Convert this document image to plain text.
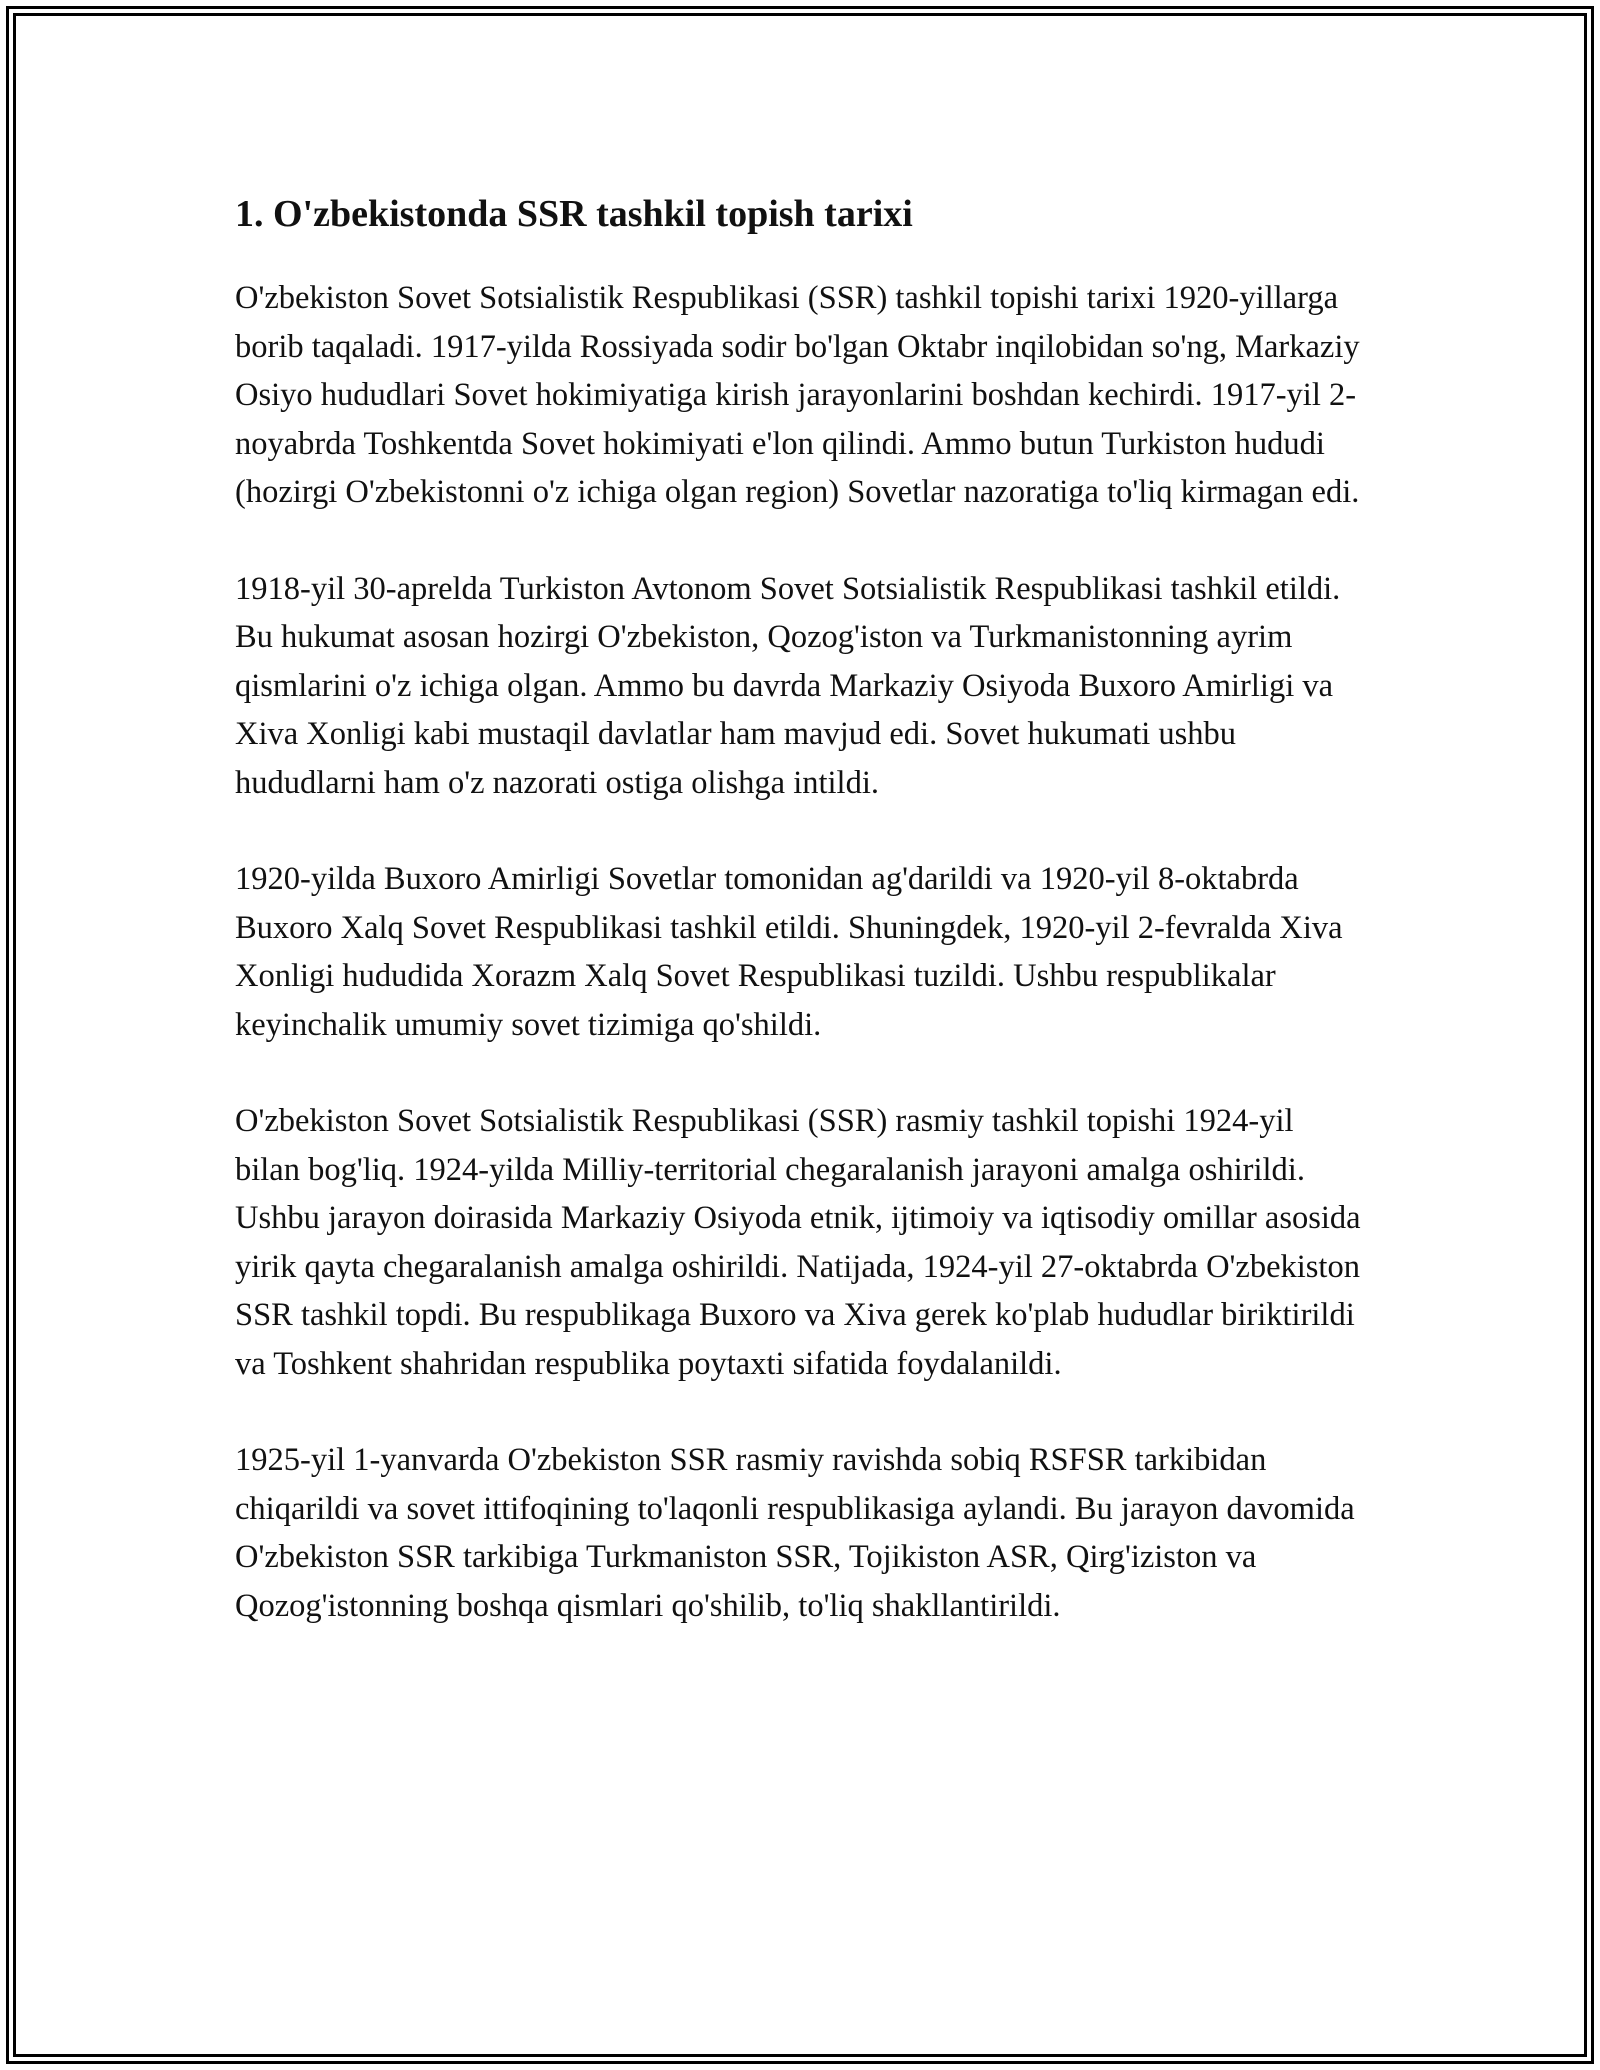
1. O'zbekistonda SSR tashkil topish tarixi

O'zbekiston Sovet Sotsialistik Respublikasi (SSR) tashkil topishi tarixi 1920-yillarga borib taqaladi. 1917-yilda Rossiyada sodir bo'lgan Oktabr inqilobidan so'ng, Markaziy Osiyo hududlari Sovet hokimiyatiga kirish jarayonlarini boshdan kechirdi. 1917-yil 2-noyabrda Toshkentda Sovet hokimiyati e'lon qilindi. Ammo butun Turkiston hududi (hozirgi O'zbekistonni o'z ichiga olgan region) Sovetlar nazoratiga to'liq kirmagan edi.

1918-yil 30-aprelda Turkiston Avtonom Sovet Sotsialistik Respublikasi tashkil etildi. Bu hukumat asosan hozirgi O'zbekiston, Qozog'iston va Turkmanistonning ayrim qismlarini o'z ichiga olgan. Ammo bu davrda Markaziy Osiyoda Buxoro Amirligi va Xiva Xonligi kabi mustaqil davlatlar ham mavjud edi. Sovet hukumati ushbu hududlarni ham o'z nazorati ostiga olishga intildi.

1920-yilda Buxoro Amirligi Sovetlar tomonidan ag'darildi va 1920-yil 8-oktabrda Buxoro Xalq Sovet Respublikasi tashkil etildi. Shuningdek, 1920-yil 2-fevralda Xiva Xonligi hududida Xorazm Xalq Sovet Respublikasi tuzildi. Ushbu respublikalar keyinchalik umumiy sovet tizimiga qo'shildi.

O'zbekiston Sovet Sotsialistik Respublikasi (SSR) rasmiy tashkil topishi 1924-yil bilan bog'liq. 1924-yilda Milliy-territorial chegaralanish jarayoni amalga oshirildi. Ushbu jarayon doirasida Markaziy Osiyoda etnik, ijtimoiy va iqtisodiy omillar asosida yirik qayta chegaralanish amalga oshirildi. Natijada, 1924-yil 27-oktabrda O'zbekiston SSR tashkil topdi. Bu respublikaga Buxoro va Xiva gerek ko'plab hududlar biriktirildi va Toshkent shahridan respublika poytaxti sifatida foydalanildi.

1925-yil 1-yanvarda O'zbekiston SSR rasmiy ravishda sobiq RSFSR tarkibidan chiqarildi va sovet ittifoqining to'laqonli respublikasiga aylandi. Bu jarayon davomida O'zbekiston SSR tarkibiga Turkmaniston SSR, Tojikiston ASR, Qirg'iziston va Qozog'istonning boshqa qismlari qo'shilib, to'liq shakllantirildi.
